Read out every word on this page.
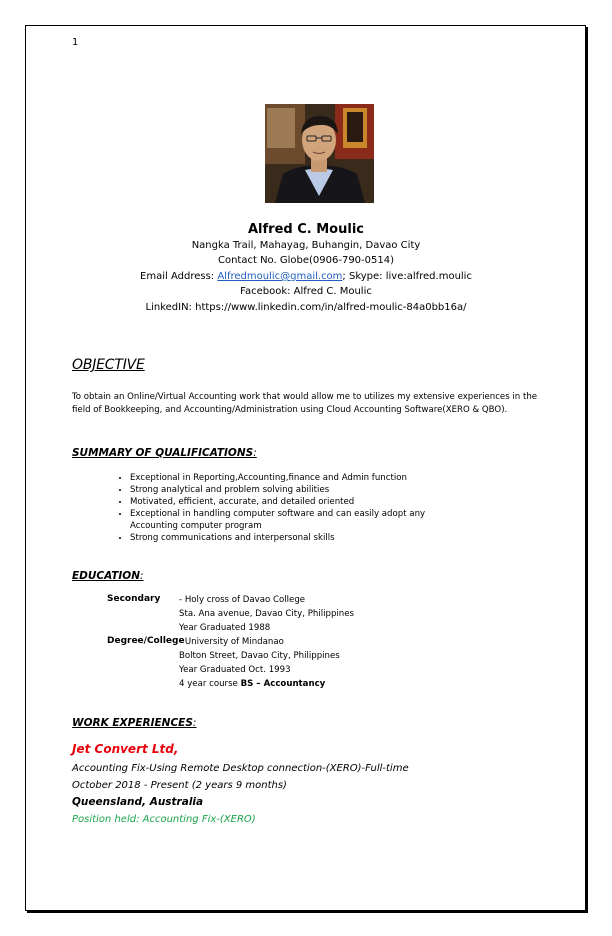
1
Alfred C. Moulic
Nangka Trail, Mahayag, Buhangin, Davao City
Contact No. Globe(0906-790-0514)
Email Address: Alfredmoulic@gmail.com; Skype: live:alfred.moulic
Facebook: Alfred C. Moulic
LinkedIN: https://www.linkedin.com/in/alfred-moulic-84a0bb16a/
OBJECTIVE
To obtain an Online/Virtual Accounting work that would allow me to utilizes my extensive experiences in the field of Bookkeeping, and Accounting/Administration using Cloud Accounting Software(XERO & QBO).
SUMMARY OF QUALIFICATIONS:
• Exceptional in Reporting,Accounting,finance and Admin function
• Strong analytical and problem solving abilities
• Motivated, efficient, accurate, and detailed oriented
• Exceptional in handling computer software and can easily adopt any Accounting computer program
• Strong communications and interpersonal skills
EDUCATION:
Secondary - Holy cross of Davao College
Sta. Ana avenue, Davao City, Philippines
Year Graduated 1988
Degree/College
- University of Mindanao
Bolton Street, Davao City, Philippines
Year Graduated Oct. 1993
4 year course BS – Accountancy
WORK EXPERIENCES:
Jet Convert Ltd,
Accounting Fix-Using Remote Desktop connection-(XERO)-Full-time
October 2018 - Present (2 years 9 months)
Queensland, Australia
Position held: Accounting Fix-(XERO)
